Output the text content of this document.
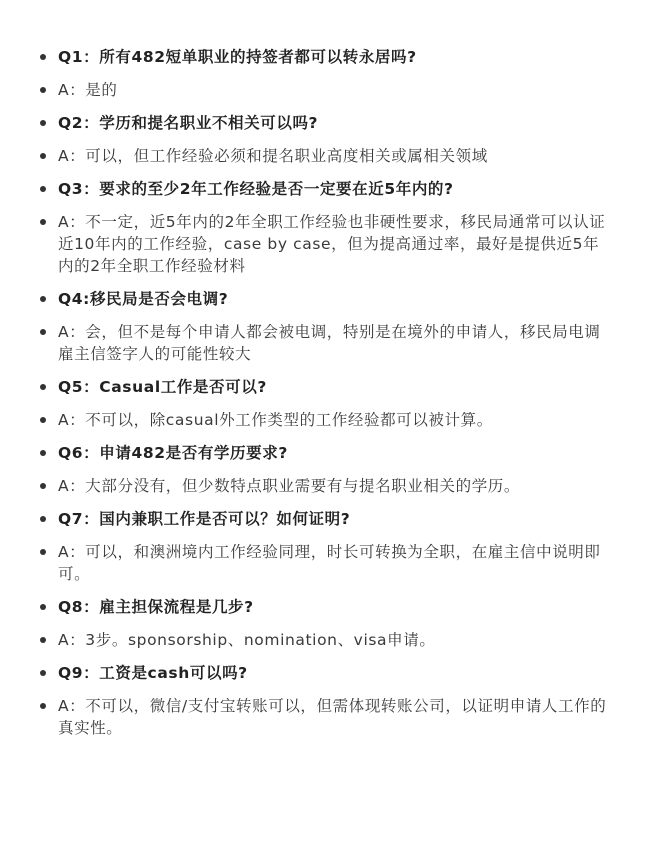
Q1：所有482短单职业的持签者都可以转永居吗?
A：是的
Q2：学历和提名职业不相关可以吗?
A：可以，但工作经验必须和提名职业高度相关或属相关领域
Q3：要求的至少2年工作经验是否一定要在近5年内的?
A：不一定，近5年内的2年全职工作经验也非硬性要求，移民局通常可以认证近10年内的工作经验，case by case，但为提高通过率，最好是提供近5年内的2年全职工作经验材料
Q4:移民局是否会电调?
A：会，但不是每个申请人都会被电调，特别是在境外的申请人，移民局电调雇主信签字人的可能性较大
Q5：Casual工作是否可以?
A：不可以，除casual外工作类型的工作经验都可以被计算。
Q6：申请482是否有学历要求?
A：大部分没有，但少数特点职业需要有与提名职业相关的学历。
Q7：国内兼职工作是否可以？如何证明?
A：可以，和澳洲境内工作经验同理，时长可转换为全职，在雇主信中说明即可。
Q8：雇主担保流程是几步?
A：3步。sponsorship、nomination、visa申请。
Q9：工资是cash可以吗?
A：不可以，微信/支付宝转账可以，但需体现转账公司，以证明申请人工作的真实性。
